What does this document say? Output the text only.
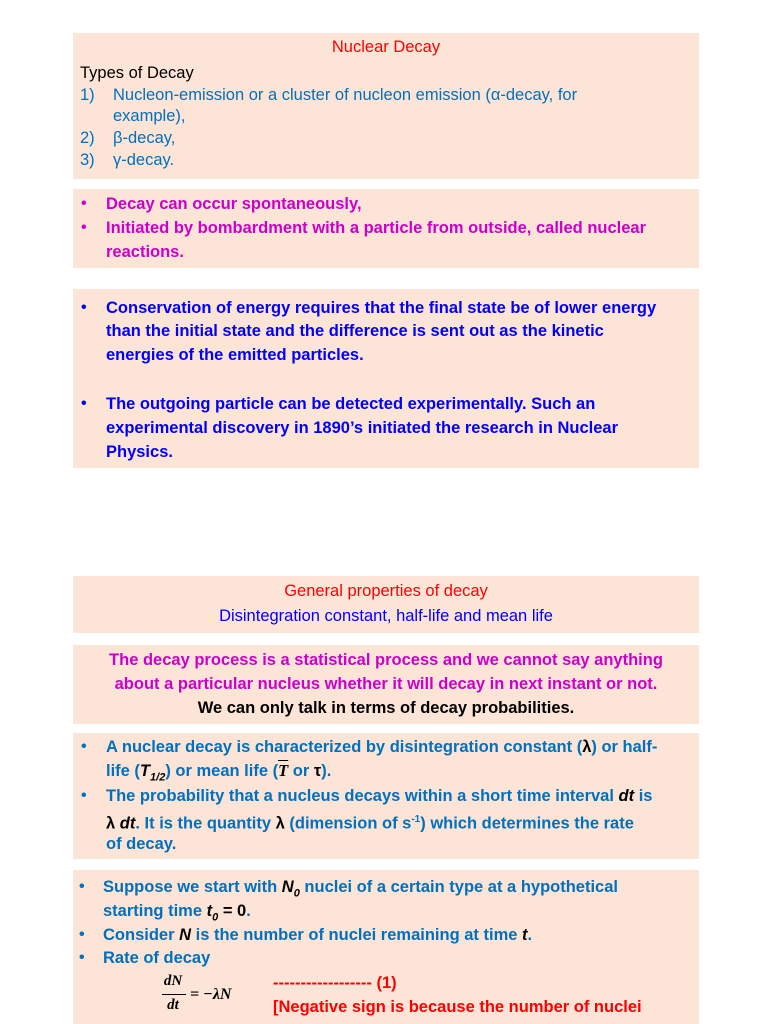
Nuclear Decay
Types of Decay
1) Nucleon-emission or a cluster of nucleon emission (α-decay, for
example),
2) β-decay,
3) γ-decay.
• Decay can occur spontaneously,
• Initiated by bombardment with a particle from outside, called nuclear
reactions.
• Conservation of energy requires that the final state be of lower energy
than the initial state and the difference is sent out as the kinetic
energies of the emitted particles.
• The outgoing particle can be detected experimentally. Such an
experimental discovery in 1890’s initiated the research in Nuclear
Physics.
General properties of decay
Disintegration constant, half-life and mean life
The decay process is a statistical process and we cannot say anything
about a particular nucleus whether it will decay in next instant or not.
We can only talk in terms of decay probabilities.
• A nuclear decay is characterized by disintegration constant (λ) or half-
life $(T_{1/2})$ or mean life ($\overline{T}$ or τ).
• The probability that a nucleus decays within a short time interval dt is
λ dt. It is the quantity λ (dimension of $s^{-1}$) which determines the rate
of decay.
• Suppose we start with $N_0$ nuclei of a certain type at a hypothetical
starting time $t_0 = 0$.
• Consider N is the number of nuclei remaining at time t.
• Rate of decay
dN
dt
= −λN
------------------ (1)
[Negative sign is because the number of nuclei
